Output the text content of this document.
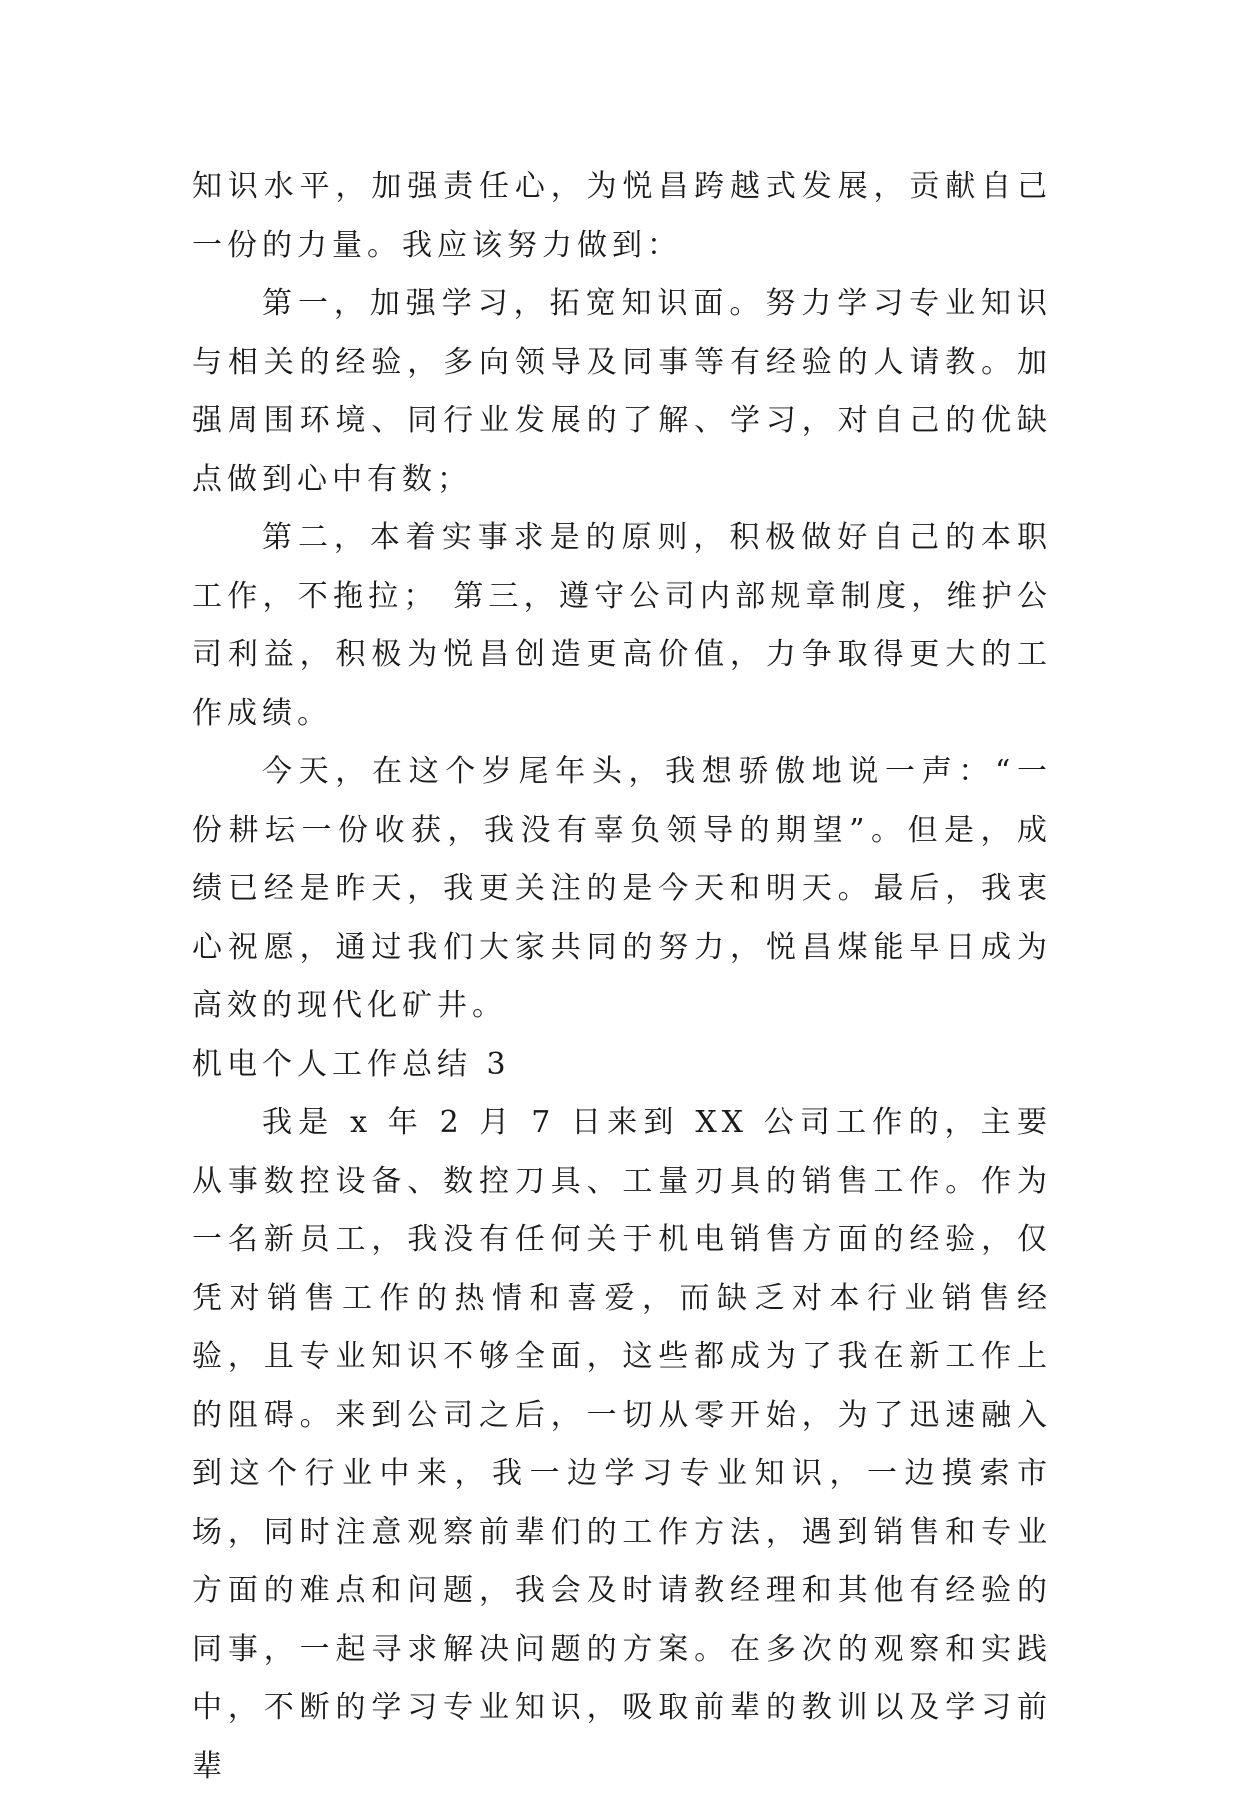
知识水平，加强责任心，为悦昌跨越式发展，贡献自己一份的力量。我应该努力做到：

第一，加强学习，拓宽知识面。努力学习专业知识与相关的经验，多向领导及同事等有经验的人请教。加强周围环境、同行业发展的了解、学习，对自己的优缺点做到心中有数；

第二，本着实事求是的原则，积极做好自己的本职工作，不拖拉； 第三，遵守公司内部规章制度，维护公司利益，积极为悦昌创造更高价值，力争取得更大的工作成绩。

今天，在这个岁尾年头，我想骄傲地说一声：“一份耕坛一份收获，我没有辜负领导的期望”。但是，成绩已经是昨天，我更关注的是今天和明天。最后，我衷心祝愿，通过我们大家共同的努力，悦昌煤能早日成为高效的现代化矿井。

机电个人工作总结 3

我是 x 年 2 月 7 日来到 XX 公司工作的，主要从事数控设备、数控刀具、工量刃具的销售工作。作为一名新员工，我没有任何关于机电销售方面的经验，仅凭对销售工作的热情和喜爱，而缺乏对本行业销售经验，且专业知识不够全面，这些都成为了我在新工作上的阻碍。来到公司之后，一切从零开始，为了迅速融入到这个行业中来，我一边学习专业知识，一边摸索市场，同时注意观察前辈们的工作方法，遇到销售和专业方面的难点和问题，我会及时请教经理和其他有经验的同事，一起寻求解决问题的方案。在多次的观察和实践中，不断的学习专业知识，吸取前辈的教训以及学习前辈
